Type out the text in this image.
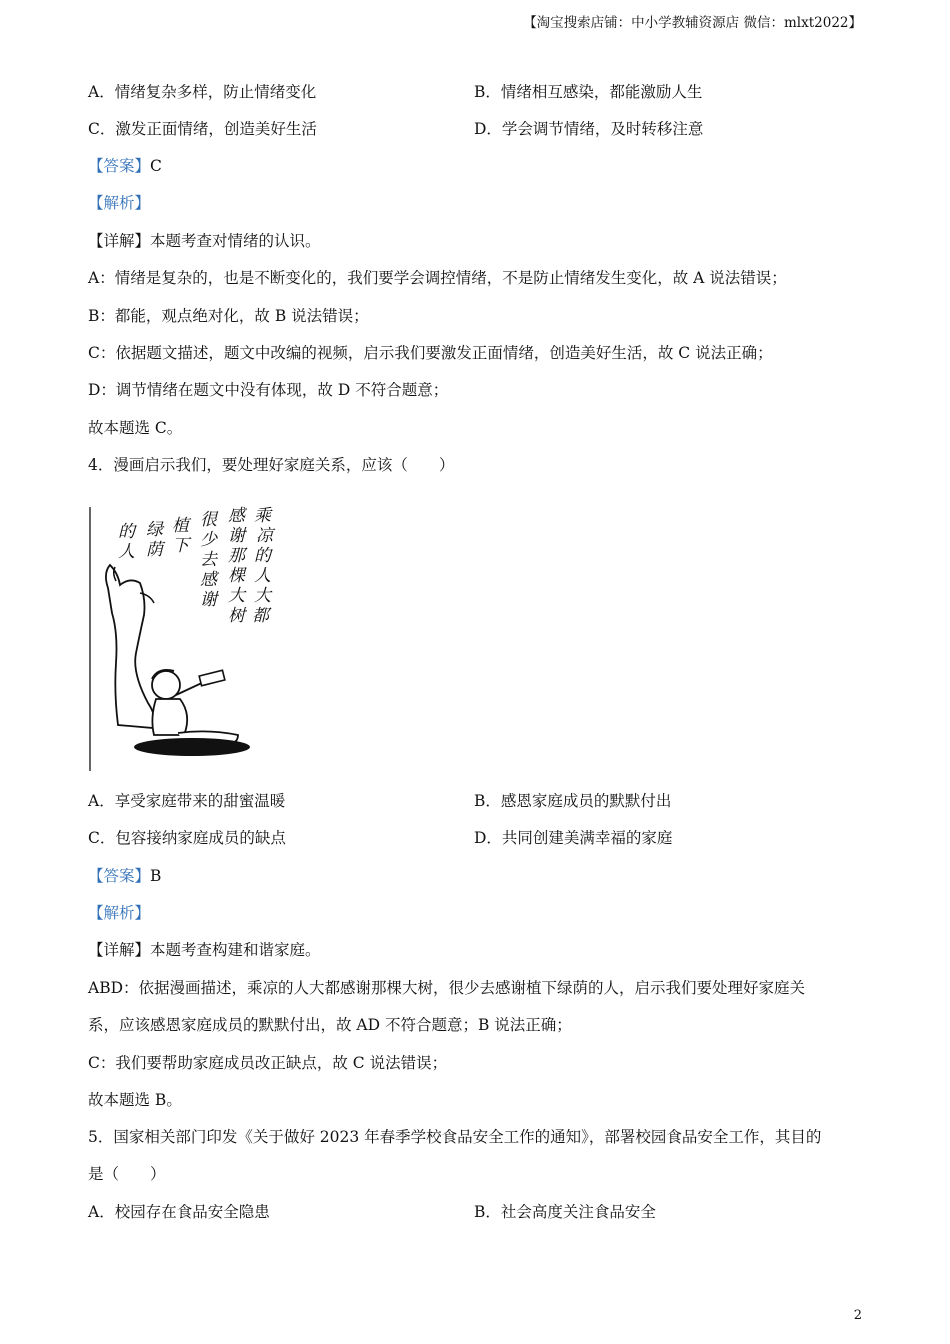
【淘宝搜索店铺：中小学教辅资源店 微信：mlxt2022】
A．情绪复杂多样，防止情绪变化	B．情绪相互感染，都能激励人生
C．激发正面情绪，创造美好生活	D．学会调节情绪，及时转移注意
【答案】C
【解析】
【详解】本题考查对情绪的认识。
A：情绪是复杂的，也是不断变化的，我们要学会调控情绪，不是防止情绪发生变化，故 A 说法错误；
B：都能，观点绝对化，故 B 说法错误；
C：依据题文描述，题文中改编的视频，启示我们要激发正面情绪，创造美好生活，故 C 说法正确；
D：调节情绪在题文中没有体现，故 D 不符合题意；
故本题选 C。
4．漫画启示我们，要处理好家庭关系，应该（　　）
乘
凉
的
人
大
都
感
谢
那
棵
大
树
很
少
去
感
谢
植
下
绿
荫
的
人
A．享受家庭带来的甜蜜温暖	B．感恩家庭成员的默默付出
C．包容接纳家庭成员的缺点	D．共同创建美满幸福的家庭
【答案】B
【解析】
【详解】本题考查构建和谐家庭。
ABD：依据漫画描述，乘凉的人大都感谢那棵大树，很少去感谢植下绿荫的人，启示我们要处理好家庭关
系，应该感恩家庭成员的默默付出，故 AD 不符合题意；B 说法正确；
C：我们要帮助家庭成员改正缺点，故 C 说法错误；
故本题选 B。
5．国家相关部门印发《关于做好 2023 年春季学校食品安全工作的通知》，部署校园食品安全工作，其目的
是（　　）
A．校园存在食品安全隐患	B．社会高度关注食品安全
2
